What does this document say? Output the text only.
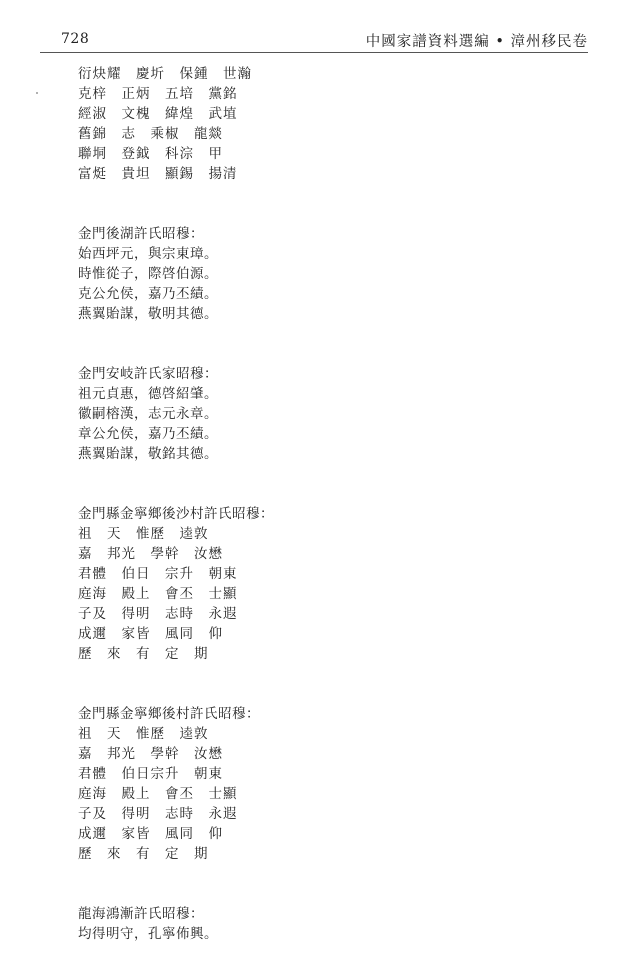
728	中國家譜資料選編 • 漳州移民卷
衍炔耀　慶圻　保鍾　世瀚
克梓　正炳　五培　黨銘
經淑　文槐　緯煌　武埴
舊錦　志　乘椒　龍燚
聯垌　登鉞　科淙　甲
富烶　貴坦　顯錫　揚清
金門後湖許氏昭穆：
始西坪元，與宗東璋。
時惟從子，際啓伯源。
克公允侯，嘉乃丕績。
燕翼貽謀，敬明其德。
金門安岐許氏家昭穆：
祖元貞惠，德啓紹肇。
徽嗣榕漢，志元永章。
章公允侯，嘉乃丕績。
燕翼貽謀，敬銘其德。
金門縣金寧鄉後沙村許氏昭穆：
祖　天　惟歷　逵敦
嘉　邦光　學幹　汝懋
君體　伯日　宗升　朝東
庭海　殿上　會丕　士顯
子及　得明　志時　永遐
成邇　家皆　風同　仰
歷　來　有　定　期
金門縣金寧鄉後村許氏昭穆：
祖　天　惟歷　逵敦
嘉　邦光　學幹　汝懋
君體　伯日宗升　朝東
庭海　殿上　會丕　士顯
子及　得明　志時　永遐
成邇　家皆　風同　仰
歷　來　有　定　期
龍海鴻漸許氏昭穆：
均得明守，孔寧佈興。
